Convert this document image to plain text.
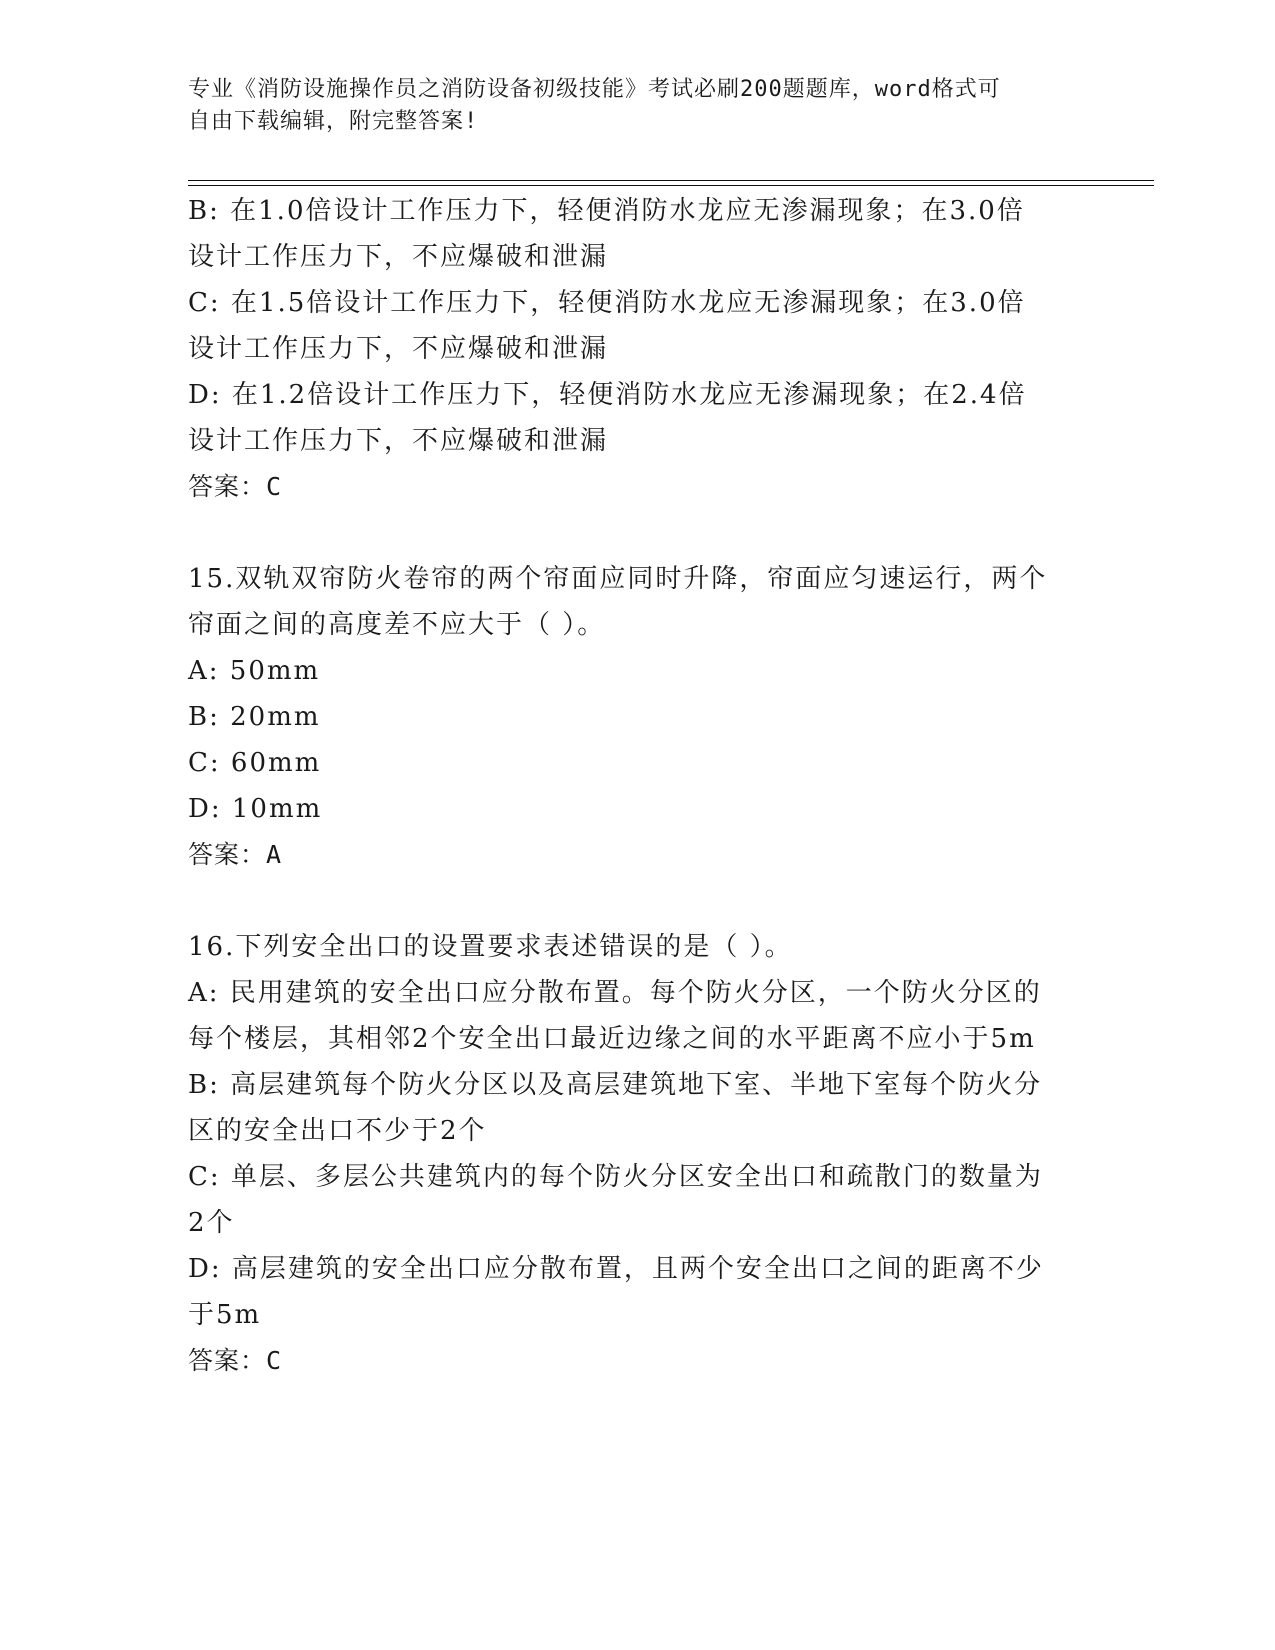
专业《消防设施操作员之消防设备初级技能》考试必刷200题题库，word格式可
自由下载编辑，附完整答案!

B: 在1.0倍设计工作压力下，轻便消防水龙应无渗漏现象；在3.0倍

设计工作压力下，不应爆破和泄漏

C: 在1.5倍设计工作压力下，轻便消防水龙应无渗漏现象；在3.0倍

设计工作压力下，不应爆破和泄漏

D: 在1.2倍设计工作压力下，轻便消防水龙应无渗漏现象；在2.4倍

设计工作压力下，不应爆破和泄漏

答案：C

15.双轨双帘防火卷帘的两个帘面应同时升降，帘面应匀速运行，两个

帘面之间的高度差不应大于（ ）。

A: 50mm

B: 20mm

C: 60mm

D: 10mm

答案：A

16.下列安全出口的设置要求表述错误的是（ ）。

A: 民用建筑的安全出口应分散布置。每个防火分区，一个防火分区的

每个楼层，其相邻2个安全出口最近边缘之间的水平距离不应小于5m

B: 高层建筑每个防火分区以及高层建筑地下室、半地下室每个防火分

区的安全出口不少于2个

C: 单层、多层公共建筑内的每个防火分区安全出口和疏散门的数量为

2个

D: 高层建筑的安全出口应分散布置，且两个安全出口之间的距离不少

于5m

答案：C
